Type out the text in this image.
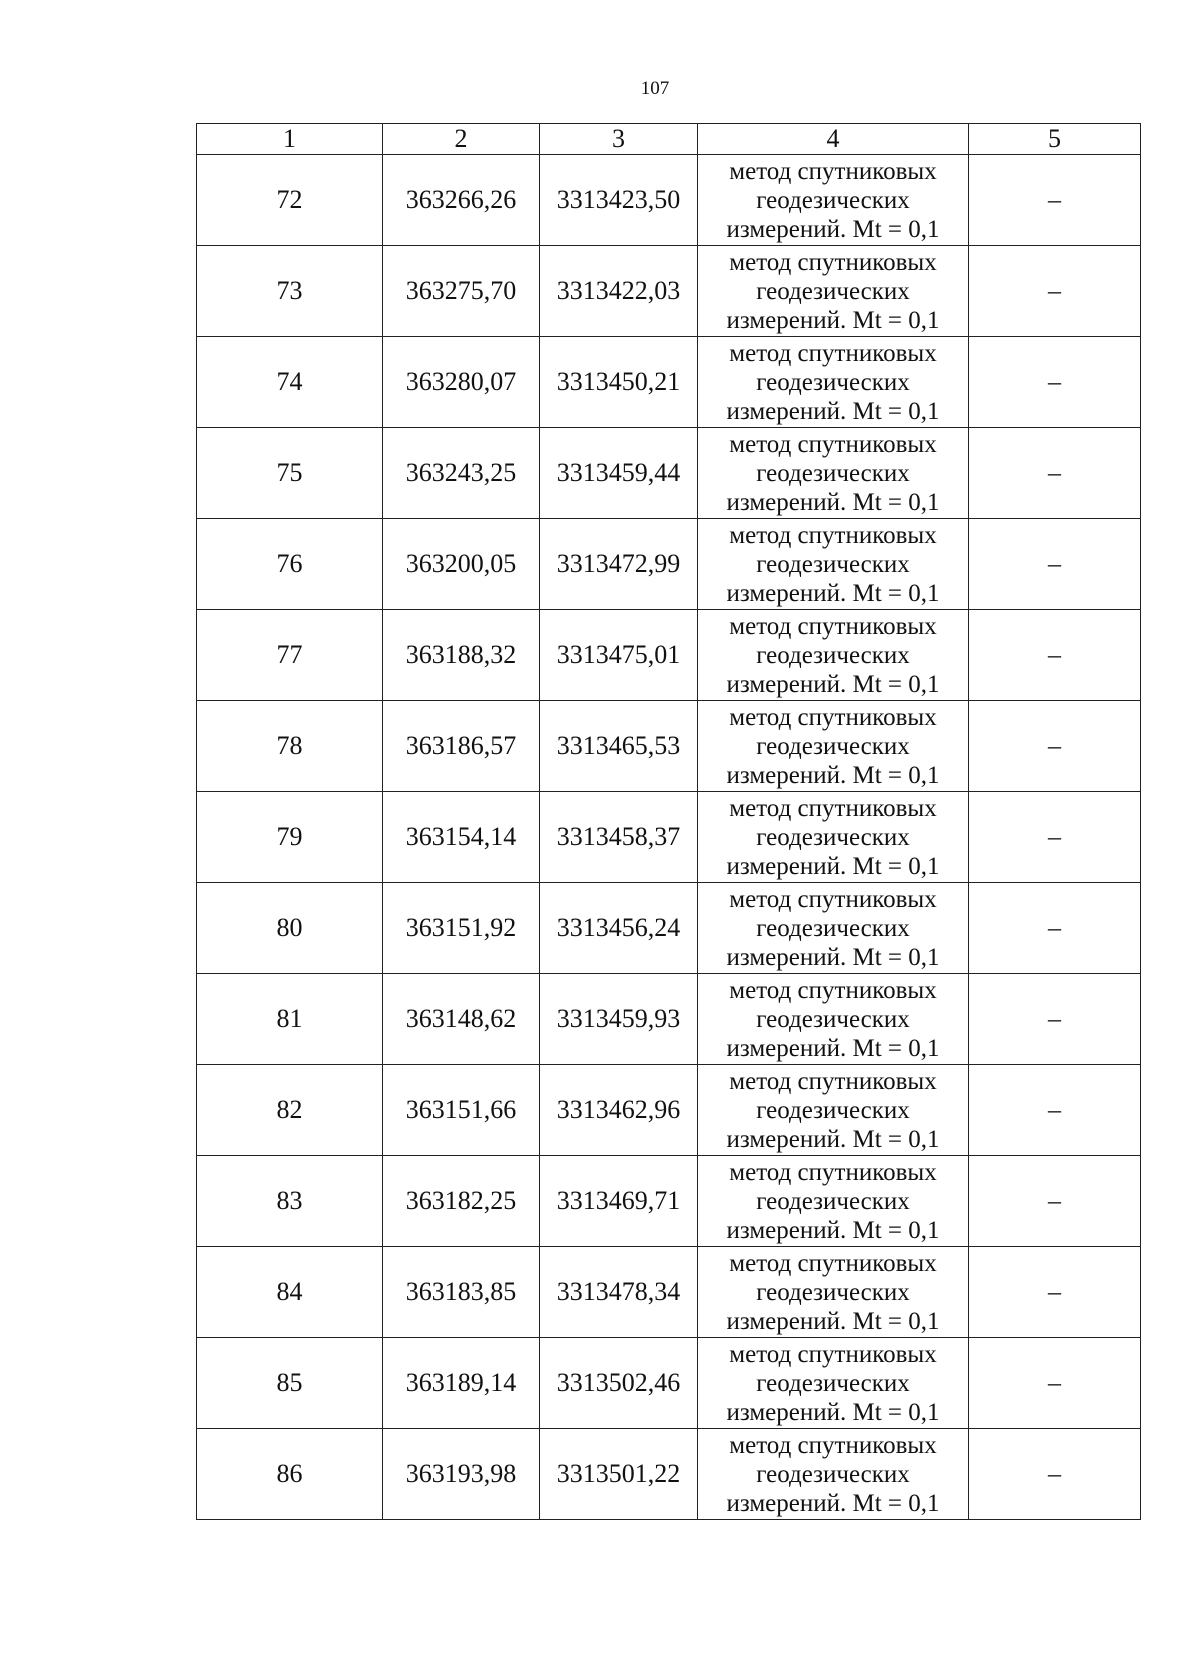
107
1	2	3	4	5
72	363266,26	3313423,50	метод спутниковых
геодезических
измерений. Mt = 0,1	–
73	363275,70	3313422,03	метод спутниковых
геодезических
измерений. Mt = 0,1	–
74	363280,07	3313450,21	метод спутниковых
геодезических
измерений. Mt = 0,1	–
75	363243,25	3313459,44	метод спутниковых
геодезических
измерений. Mt = 0,1	–
76	363200,05	3313472,99	метод спутниковых
геодезических
измерений. Mt = 0,1	–
77	363188,32	3313475,01	метод спутниковых
геодезических
измерений. Mt = 0,1	–
78	363186,57	3313465,53	метод спутниковых
геодезических
измерений. Mt = 0,1	–
79	363154,14	3313458,37	метод спутниковых
геодезических
измерений. Mt = 0,1	–
80	363151,92	3313456,24	метод спутниковых
геодезических
измерений. Mt = 0,1	–
81	363148,62	3313459,93	метод спутниковых
геодезических
измерений. Mt = 0,1	–
82	363151,66	3313462,96	метод спутниковых
геодезических
измерений. Mt = 0,1	–
83	363182,25	3313469,71	метод спутниковых
геодезических
измерений. Mt = 0,1	–
84	363183,85	3313478,34	метод спутниковых
геодезических
измерений. Mt = 0,1	–
85	363189,14	3313502,46	метод спутниковых
геодезических
измерений. Mt = 0,1	–
86	363193,98	3313501,22	метод спутниковых
геодезических
измерений. Mt = 0,1	–
